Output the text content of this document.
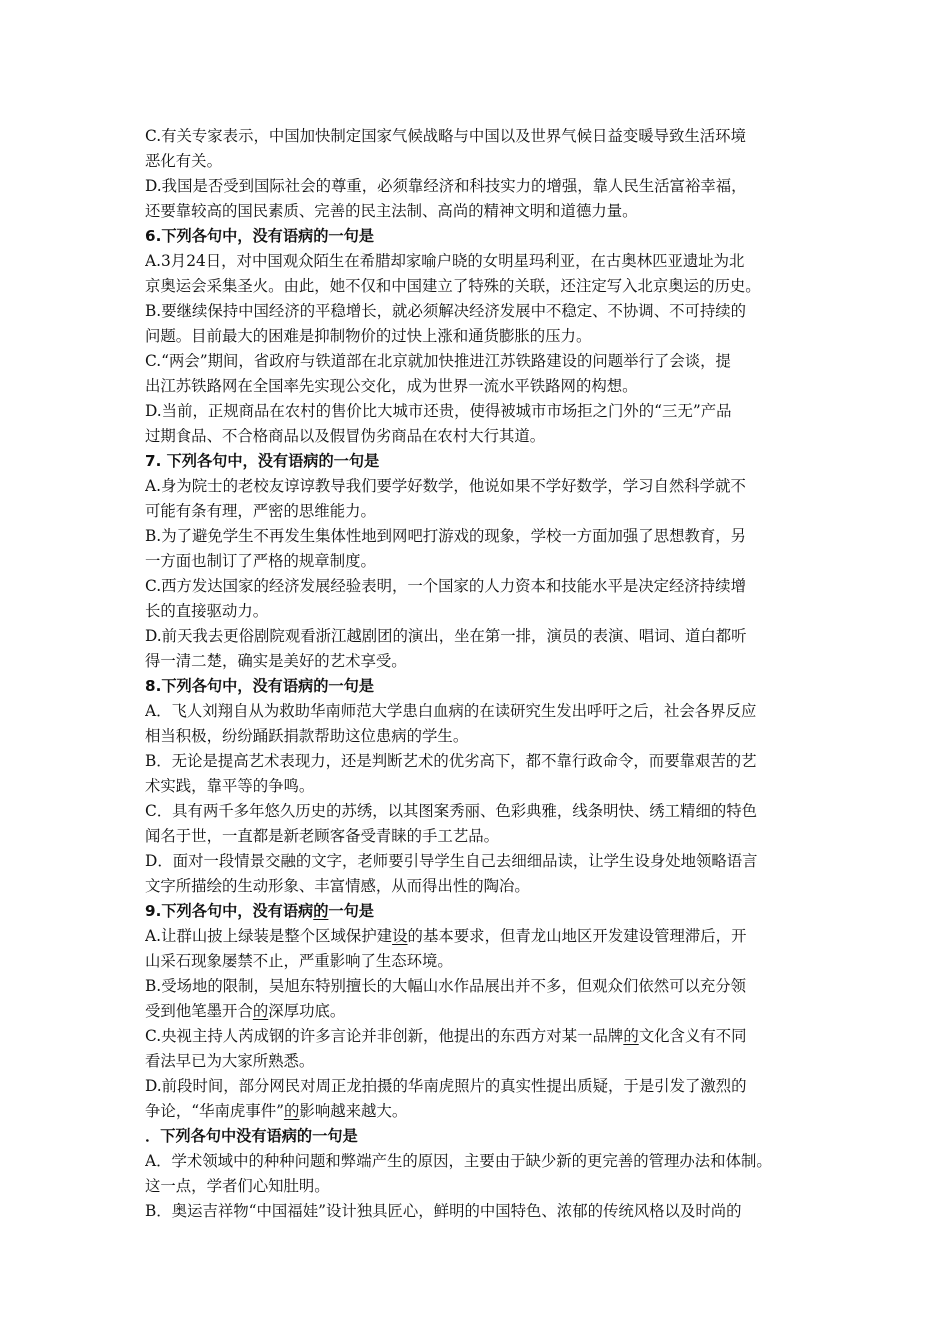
C.有关专家表示，中国加快制定国家气候战略与中国以及世界气候日益变暖导致生活环境
恶化有关。
D.我国是否受到国际社会的尊重，必须靠经济和科技实力的增强，靠人民生活富裕幸福，
还要靠较高的国民素质、完善的民主法制、高尚的精神文明和道德力量。
6.下列各句中，没有语病的一句是
A.3月24日，对中国观众陌生在希腊却家喻户晓的女明星玛利亚，在古奥林匹亚遗址为北
京奥运会采集圣火。由此，她不仅和中国建立了特殊的关联，还注定写入北京奥运的历史。
B.要继续保持中国经济的平稳增长，就必须解决经济发展中不稳定、不协调、不可持续的
问题。目前最大的困难是抑制物价的过快上涨和通货膨胀的压力。
C.“两会”期间，省政府与铁道部在北京就加快推进江苏铁路建设的问题举行了会谈，提
出江苏铁路网在全国率先实现公交化，成为世界一流水平铁路网的构想。
D.当前，正规商品在农村的售价比大城市还贵，使得被城市市场拒之门外的“三无”产品
过期食品、不合格商品以及假冒伪劣商品在农村大行其道。
7. 下列各句中，没有语病的一句是
A.身为院士的老校友谆谆教导我们要学好数学，他说如果不学好数学，学习自然科学就不
可能有条有理，严密的思维能力。
B.为了避免学生不再发生集体性地到网吧打游戏的现象，学校一方面加强了思想教育，另
一方面也制订了严格的规章制度。
C.西方发达国家的经济发展经验表明，一个国家的人力资本和技能水平是决定经济持续增
长的直接驱动力。
D.前天我去更俗剧院观看浙江越剧团的演出，坐在第一排，演员的表演、唱词、道白都听
得一清二楚，确实是美好的艺术享受。
8.下列各句中，没有语病的一句是
A．飞人刘翔自从为救助华南师范大学患白血病的在读研究生发出呼吁之后，社会各界反应
相当积极，纷纷踊跃捐款帮助这位患病的学生。
B．无论是提高艺术表现力，还是判断艺术的优劣高下，都不靠行政命令，而要靠艰苦的艺
术实践，靠平等的争鸣。
C．具有两千多年悠久历史的苏绣，以其图案秀丽、色彩典雅，线条明快、绣工精细的特色
闻名于世，一直都是新老顾客备受青睐的手工艺品。
D．面对一段情景交融的文字，老师要引导学生自己去细细品读，让学生设身处地领略语言
文字所描绘的生动形象、丰富情感，从而得出性的陶冶。
9.下列各句中，没有语病的一句是
A.让群山披上绿装是整个区域保护建设的基本要求，但青龙山地区开发建设管理滞后，开
山采石现象屡禁不止，严重影响了生态环境。
B.受场地的限制，吴旭东特别擅长的大幅山水作品展出并不多，但观众们依然可以充分领
受到他笔墨开合的深厚功底。
C.央视主持人芮成钢的许多言论并非创新，他提出的东西方对某一品牌的文化含义有不同
看法早已为大家所熟悉。
D.前段时间，部分网民对周正龙拍摄的华南虎照片的真实性提出质疑，于是引发了激烈的
争论，“华南虎事件”的影响越来越大。
．下列各句中没有语病的一句是
A．学术领域中的种种问题和弊端产生的原因，主要由于缺少新的更完善的管理办法和体制。
这一点，学者们心知肚明。
B．奥运吉祥物“中国福娃”设计独具匠心，鲜明的中国特色、浓郁的传统风格以及时尚的
